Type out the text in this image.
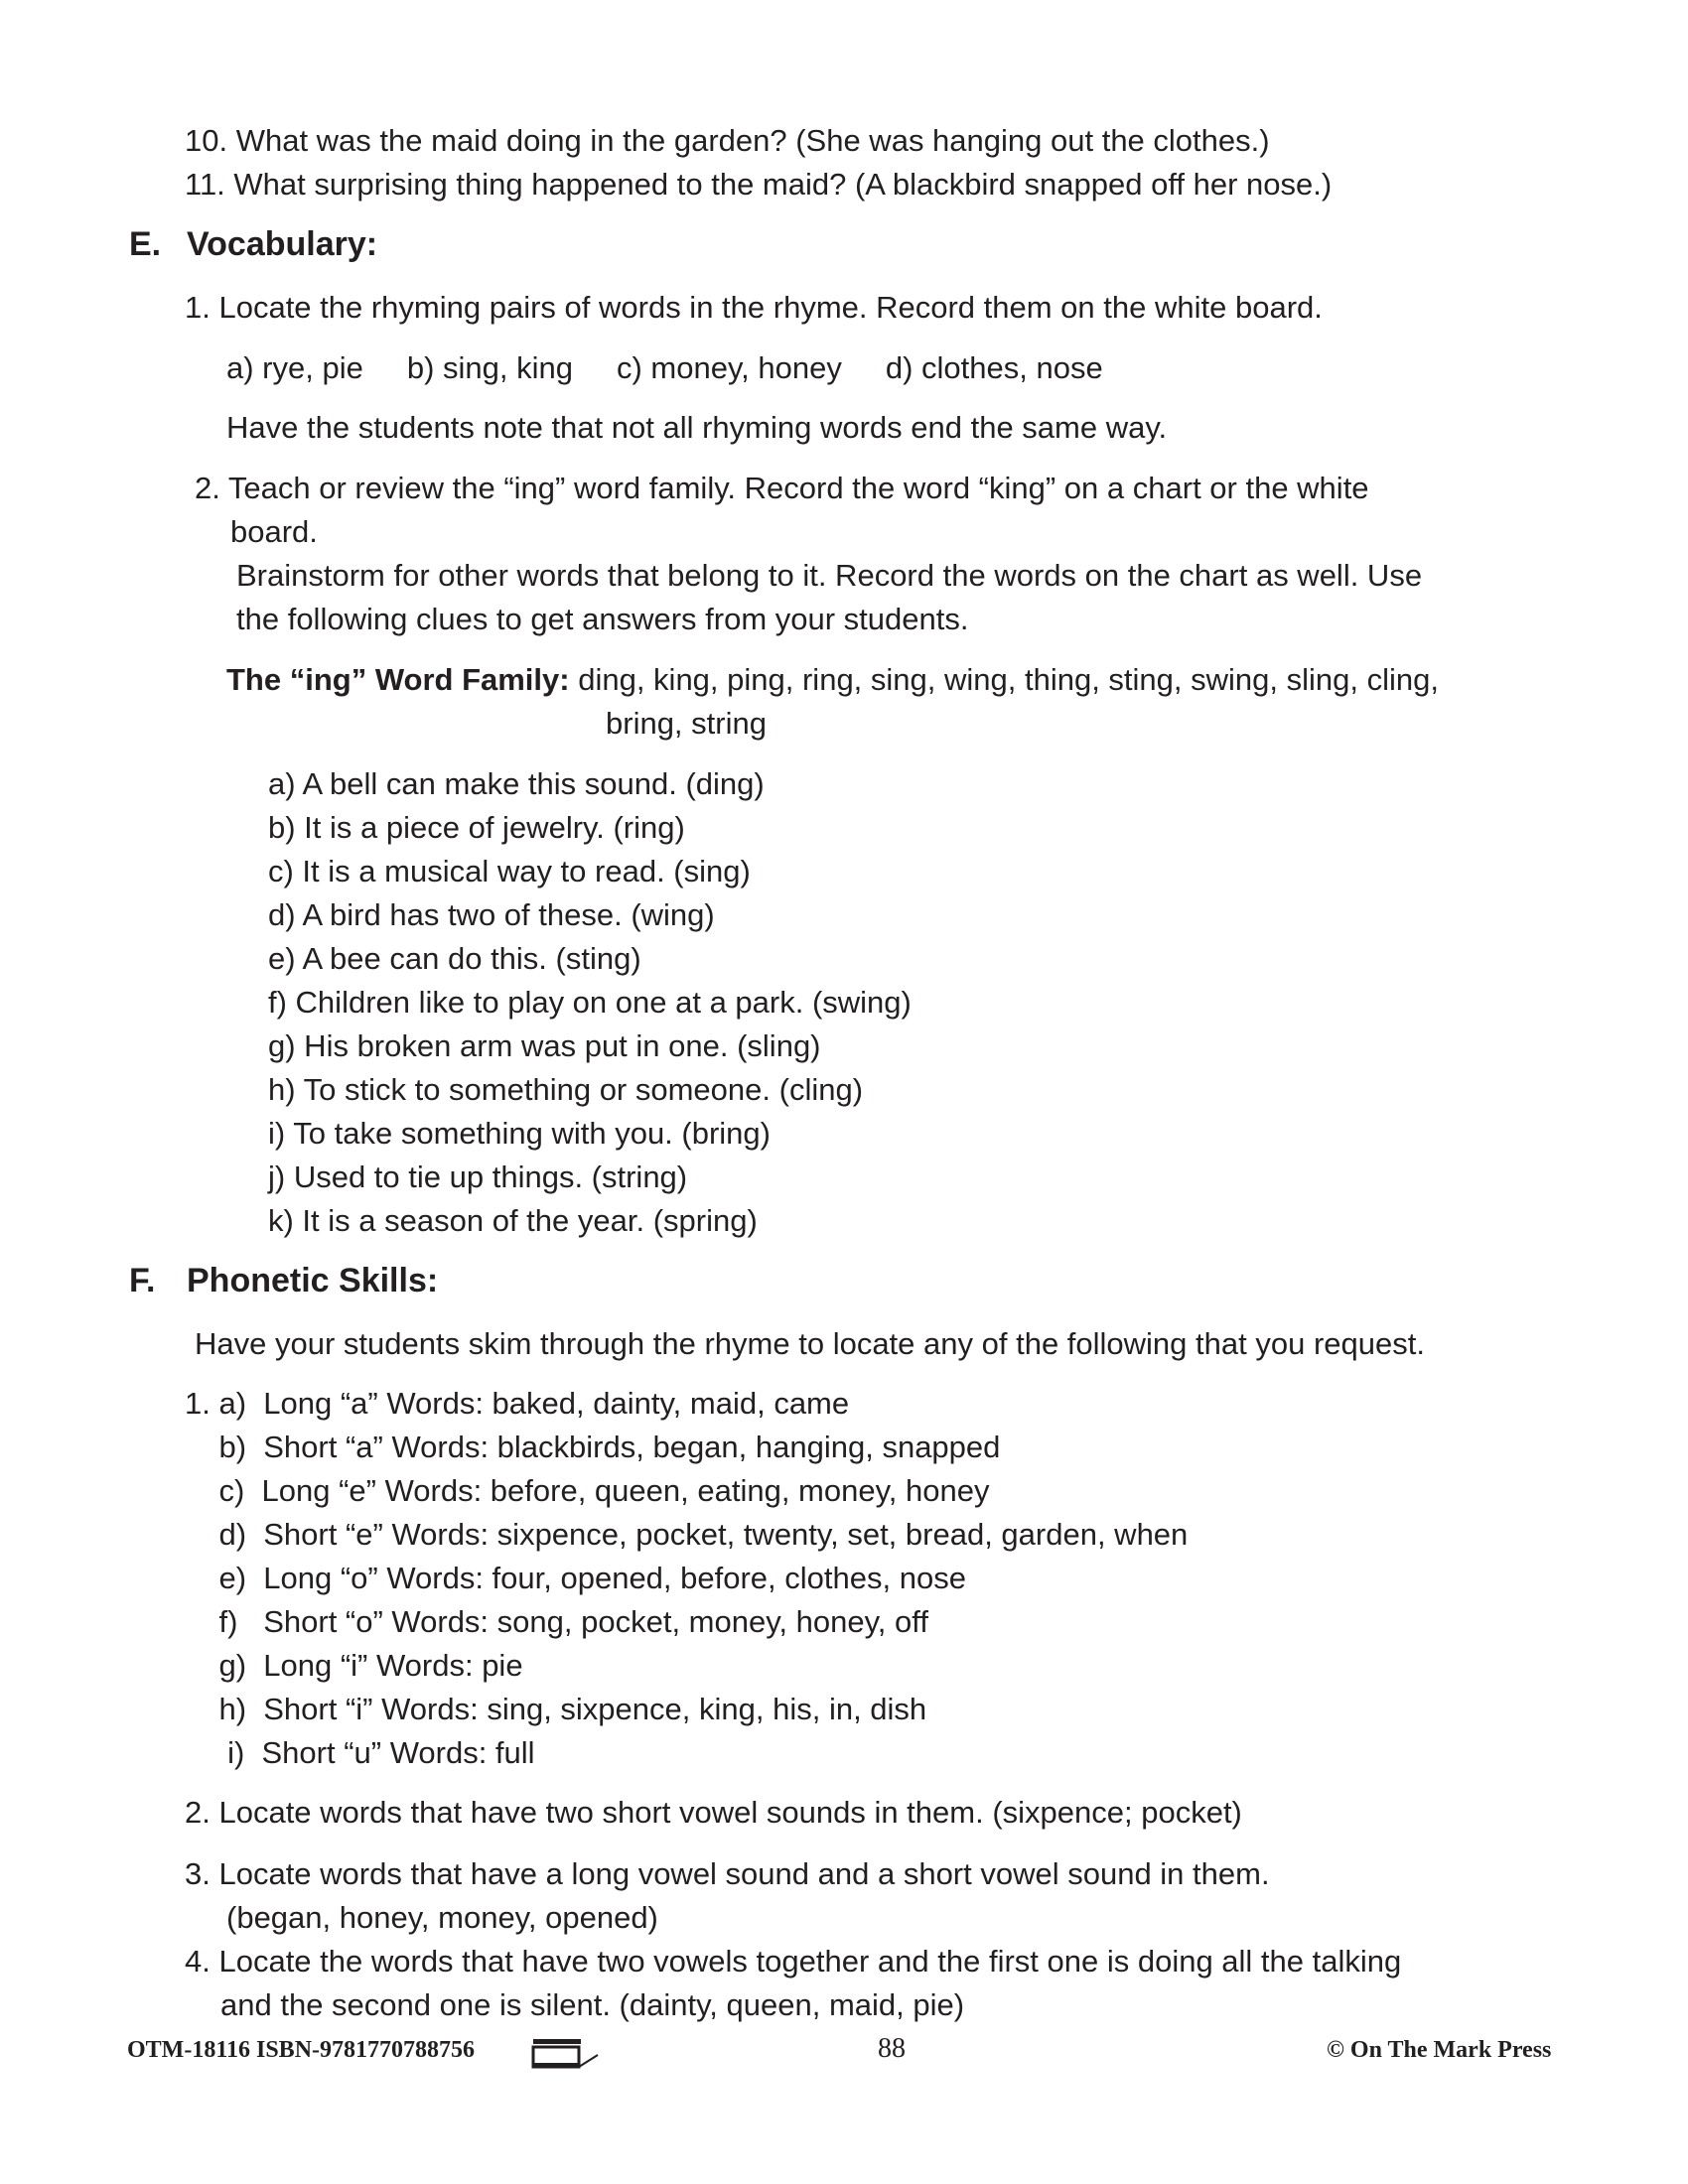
10. What was the maid doing in the garden? (She was hanging out the clothes.)
11. What surprising thing happened to the maid? (A blackbird snapped off her nose.)
E. Vocabulary:
1. Locate the rhyming pairs of words in the rhyme. Record them on the white board.
a) rye, pie b) sing, king c) money, honey d) clothes, nose
Have the students note that not all rhyming words end the same way.
2. Teach or review the “ing” word family. Record the word “king” on a chart or the white
board.
Brainstorm for other words that belong to it. Record the words on the chart as well. Use
the following clues to get answers from your students.
The “ing” Word Family: ding, king, ping, ring, sing, wing, thing, sting, swing, sling, cling,
bring, string
a) A bell can make this sound. (ding)
b) It is a piece of jewelry. (ring)
c) It is a musical way to read. (sing)
d) A bird has two of these. (wing)
e) A bee can do this. (sting)
f) Children like to play on one at a park. (swing)
g) His broken arm was put in one. (sling)
h) To stick to something or someone. (cling)
i) To take something with you. (bring)
j) Used to tie up things. (string)
k) It is a season of the year. (spring)
F. Phonetic Skills:
Have your students skim through the rhyme to locate any of the following that you request.
1. a)  Long “a” Words: baked, dainty, maid, came
b)  Short “a” Words: blackbirds, began, hanging, snapped
c)  Long “e” Words: before, queen, eating, money, honey
d)  Short “e” Words: sixpence, pocket, twenty, set, bread, garden, when
e)  Long “o” Words: four, opened, before, clothes, nose
f)   Short “o” Words: song, pocket, money, honey, off
g)  Long “i” Words: pie
h)  Short “i” Words: sing, sixpence, king, his, in, dish
i)  Short “u” Words: full
2. Locate words that have two short vowel sounds in them. (sixpence; pocket)
3. Locate words that have a long vowel sound and a short vowel sound in them.
(began, honey, money, opened)
4. Locate the words that have two vowels together and the first one is doing all the talking
and the second one is silent. (dainty, queen, maid, pie)
OTM-18116 ISBN-9781770788756	88	© On The Mark Press
